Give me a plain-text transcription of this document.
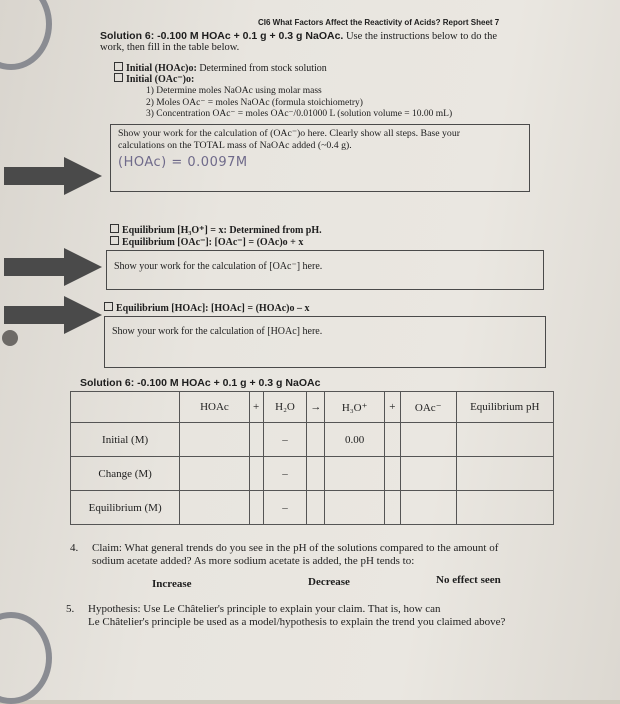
CI6 What Factors Affect the Reactivity of Acids? Report Sheet 7
Solution 6: -0.100 M HOAc + 0.1 g + 0.3 g NaOAc. Use the instructions below to do the
work, then fill in the table below.
Initial (HOAc)o: Determined from stock solution
Initial (OAc⁻)o:
1) Determine moles NaOAc using molar mass
2) Moles OAc⁻ = moles NaOAc (formula stoichiometry)
3) Concentration OAc⁻ = moles OAc⁻/0.01000 L (solution volume = 10.00 mL)
Show your work for the calculation of (OAc⁻)o here. Clearly show all steps. Base your
calculations on the TOTAL mass of NaOAc added (~0.4 g).
(HOAc) = 0.0097M
Equilibrium [H₃O⁺] = x: Determined from pH.
Equilibrium [OAc⁻]: [OAc⁻] = (OAc)o + x
Show your work for the calculation of [OAc⁻] here.
Equilibrium [HOAc]: [HOAc] = (HOAc)o – x
Show your work for the calculation of [HOAc] here.
Solution 6: -0.100 M HOAc + 0.1 g + 0.3 g NaOAc
	HOAc	+	H₂O	→	H₃O⁺	+	OAc⁻	Equilibrium pH
Initial (M)			–		0.00			
Change (M)			–					
Equilibrium (M)			–					
4. Claim: What general trends do you see in the pH of the solutions compared to the amount of
sodium acetate added? As more sodium acetate is added, the pH tends to:
Increase	Decrease	No effect seen
5. Hypothesis: Use Le Châtelier's principle to explain your claim. That is, how can
Le Châtelier's principle be used as a model/hypothesis to explain the trend you claimed above?
